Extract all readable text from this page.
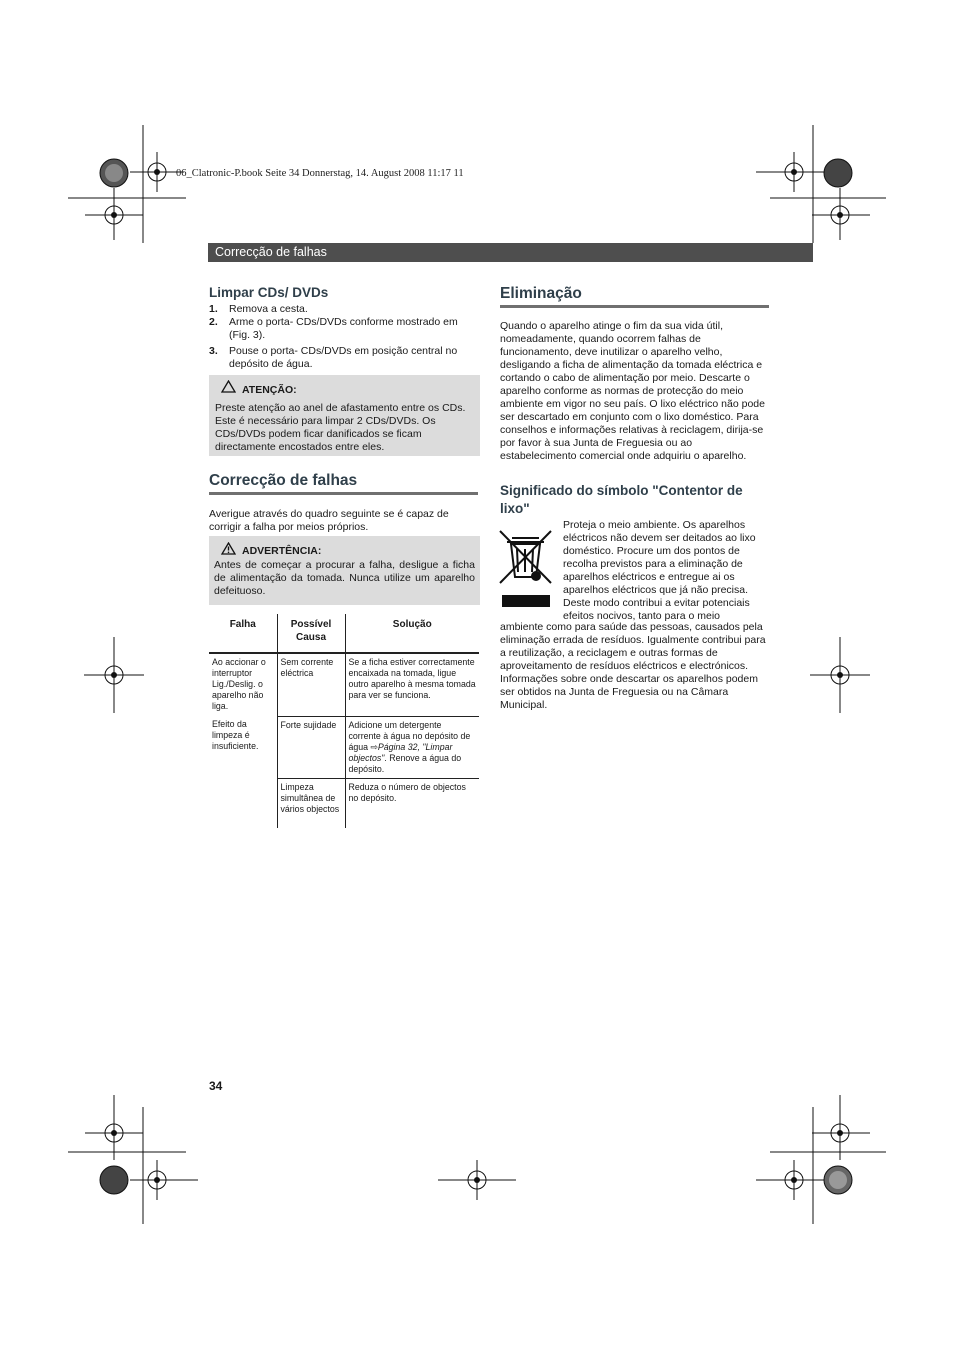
06_Clatronic-P.book Seite 34 Donnerstag, 14. August 2008 11:17 11
Correcção de falhas
Limpar CDs/ DVDs
1.	Remova a cesta.
2.	Arme o porta- CDs/DVDs conforme mostrado em (Fig. 3).
3.	Pouse o porta- CDs/DVDs em posição central no depósito de água.
ATENÇÃO:
Preste atenção ao anel de afastamento entre os CDs. Este é necessário para limpar 2 CDs/DVDs. Os CDs/DVDs podem ficar danificados se ficam directamente encostados entre eles.
Correcção de falhas
Averigue através do quadro seguinte se é capaz de corrigir a falha por meios próprios.
ADVERTÊNCIA:
Antes de começar a procurar a falha, desligue a ficha de alimentação da tomada. Nunca utilize um aparelho defeituoso.
Falha	Possível Causa	Solução
Ao accionar o interruptor Lig./Deslig. o aparelho não liga.	Sem corrente eléctrica	Se a ficha estiver correctamente encaixada na tomada, ligue outro aparelho à mesma tomada para ver se funciona.
Efeito da limpeza é insuficiente.	Forte sujidade	Adicione um detergente corrente à água no depósito de água ⇨Página 32, "Limpar objectos". Renove a água do depósito.
	Limpeza simultânea de vários objectos	Reduza o número de objectos no depósito.
Eliminação
Quando o aparelho atinge o fim da sua vida útil, nomeadamente, quando ocorrem falhas de funcionamento, deve inutilizar o aparelho velho, desligando a ficha de alimentação da tomada eléctrica e cortando o cabo de alimentação por meio. Descarte o aparelho conforme as normas de protecção do meio ambiente em vigor no seu país. O lixo eléctrico não pode ser descartado em conjunto com o lixo doméstico. Para conselhos e informações relativas à reciclagem, dirija-se por favor à sua Junta de Freguesia ou ao estabelecimento comercial onde adquiriu o aparelho.
Significado do símbolo "Contentor de lixo"
Proteja o meio ambiente. Os aparelhos
eléctricos não devem ser deitados ao lixo
doméstico. Procure um dos pontos de
recolha previstos para a eliminação de
aparelhos eléctricos e entregue ai os
aparelhos eléctricos que já não precisa.
Deste modo contribui a evitar potenciais
efeitos nocivos, tanto para o meio
ambiente como para saúde das pessoas, causados pela eliminação errada de resíduos. Igualmente contribui para a reutilização, a reciclagem e outras formas de aproveitamento de resíduos eléctricos e electrónicos. Informações sobre onde descartar os aparelhos podem ser obtidos na Junta de Freguesia ou na Câmara Municipal.
34
